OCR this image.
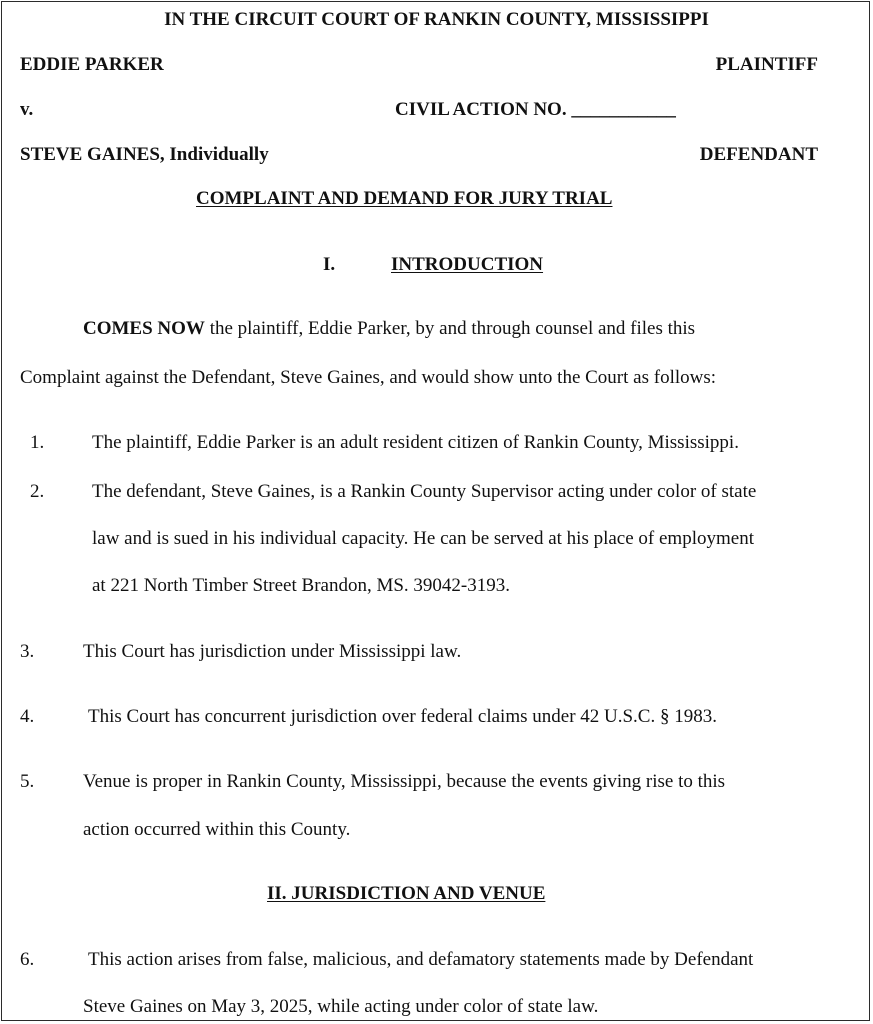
IN THE CIRCUIT COURT OF RANKIN COUNTY, MISSISSIPPI
EDDIE PARKER	PLAINTIFF
v.	CIVIL ACTION NO. ___________
STEVE GAINES, Individually	DEFENDANT
COMPLAINT AND DEMAND FOR JURY TRIAL
I.	INTRODUCTION
COMES NOW the plaintiff, Eddie Parker, by and through counsel and files this
Complaint against the Defendant, Steve Gaines, and would show unto the Court as follows:
1.	The plaintiff, Eddie Parker is an adult resident citizen of Rankin County, Mississippi.
2.	The defendant, Steve Gaines, is a Rankin County Supervisor acting under color of state
law and is sued in his individual capacity. He can be served at his place of employment
at 221 North Timber Street Brandon, MS. 39042-3193.
3.	This Court has jurisdiction under Mississippi law.
4.	This Court has concurrent jurisdiction over federal claims under 42 U.S.C. § 1983.
5.	Venue is proper in Rankin County, Mississippi, because the events giving rise to this
action occurred within this County.
II. JURISDICTION AND VENUE
6.	This action arises from false, malicious, and defamatory statements made by Defendant
Steve Gaines on May 3, 2025, while acting under color of state law.
